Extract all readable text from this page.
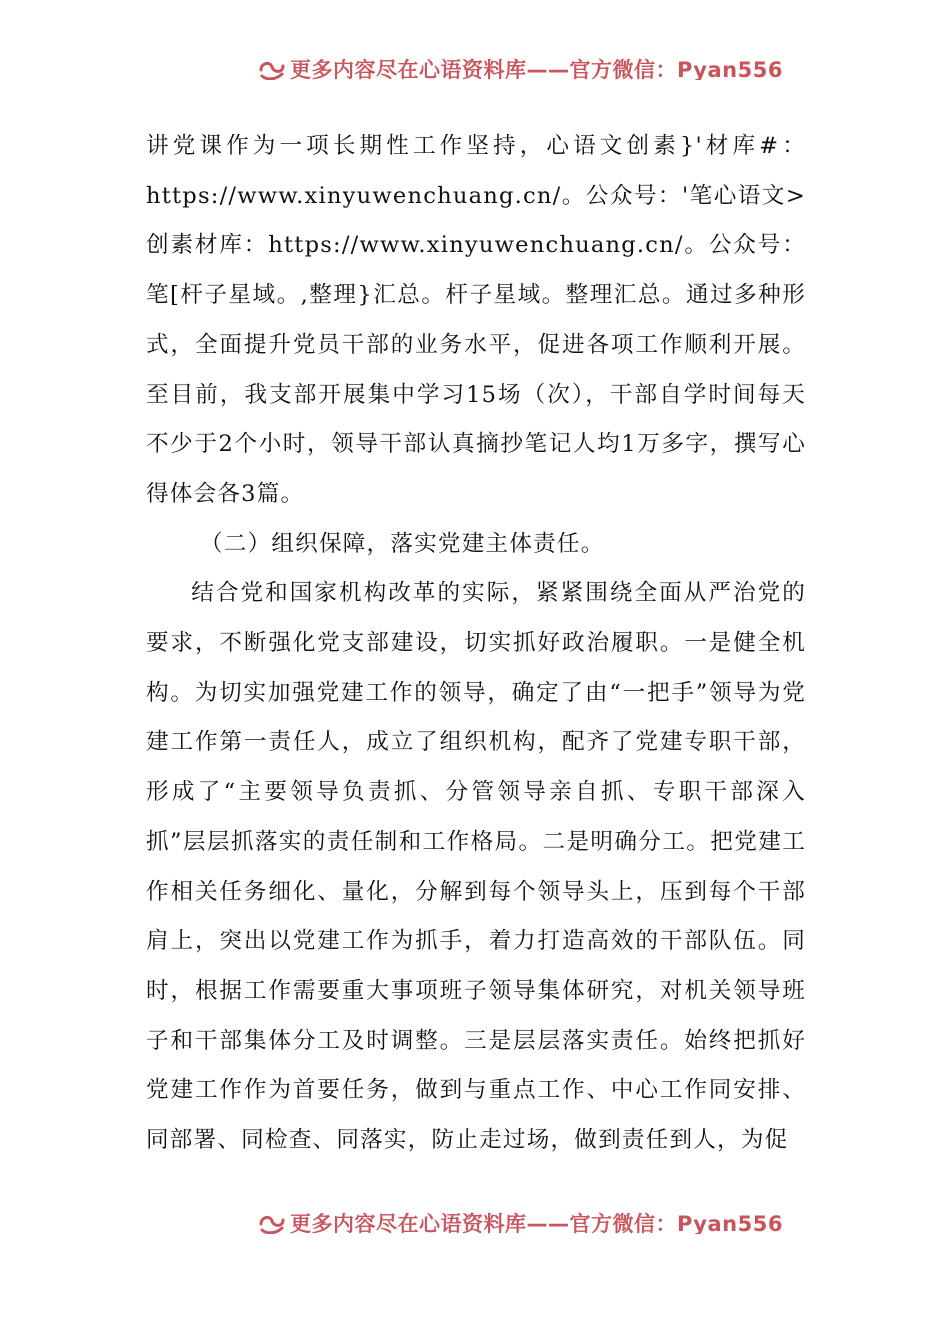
更多内容尽在心语资料库——官方微信：Pyan556

讲党课作为一项长期性工作坚持，心语文创素}'材库#：https://www.xinyuwenchuang.cn/。公众号：'笔心语文>创素材库：https://www.xinyuwenchuang.cn/。公众号：笔[杆子星域。,整理}汇总。杆子星域。整理汇总。通过多种形式，全面提升党员干部的业务水平，促进各项工作顺利开展。至目前，我支部开展集中学习15场（次），干部自学时间每天不少于2个小时，领导干部认真摘抄笔记人均1万多字，撰写心得体会各3篇。

（二）组织保障，落实党建主体责任。

结合党和国家机构改革的实际，紧紧围绕全面从严治党的要求，不断强化党支部建设，切实抓好政治履职。一是健全机构。为切实加强党建工作的领导，确定了由“一把手”领导为党建工作第一责任人，成立了组织机构，配齐了党建专职干部，形成了“主要领导负责抓、分管领导亲自抓、专职干部深入抓”层层抓落实的责任制和工作格局。二是明确分工。把党建工作相关任务细化、量化，分解到每个领导头上，压到每个干部肩上，突出以党建工作为抓手，着力打造高效的干部队伍。同时，根据工作需要重大事项班子领导集体研究，对机关领导班子和干部集体分工及时调整。三是层层落实责任。始终把抓好党建工作作为首要任务，做到与重点工作、中心工作同安排、同部署、同检查、同落实，防止走过场，做到责任到人，为促

更多内容尽在心语资料库——官方微信：Pyan556
